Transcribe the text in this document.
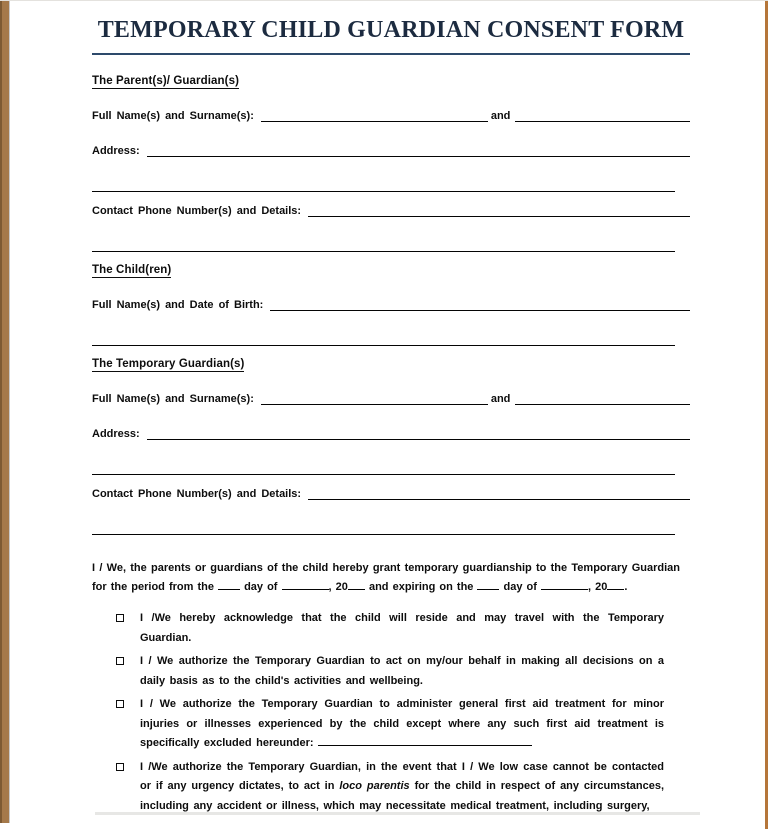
TEMPORARY CHILD GUARDIAN CONSENT FORM
The Parent(s)/ Guardian(s)
Full Name(s) and Surname(s):	and
Address:
Contact Phone Number(s) and Details:
The Child(ren)
Full Name(s) and Date of Birth:
The Temporary Guardian(s)
Full Name(s) and Surname(s):	and
Address:
Contact Phone Number(s) and Details:

I / We, the parents or guardians of the child hereby grant temporary guardianship to the Temporary Guardian for the period from the	day of	, 20 and expiring on the	day of	, 20 .

I /We hereby acknowledge that the child will reside and may travel with the Temporary Guardian.
I / We authorize the Temporary Guardian to act on my/our behalf in making all decisions on a daily basis as to the child's activities and wellbeing.
I / We authorize the Temporary Guardian to administer general first aid treatment for minor injuries or illnesses experienced by the child except where any such first aid treatment is specifically excluded hereunder:
I /We authorize the Temporary Guardian, in the event that I / We low case cannot be contacted or if any urgency dictates, to act in loco parentis for the child in respect of any circumstances, including any accident or illness, which may necessitate medical treatment, including surgery,
